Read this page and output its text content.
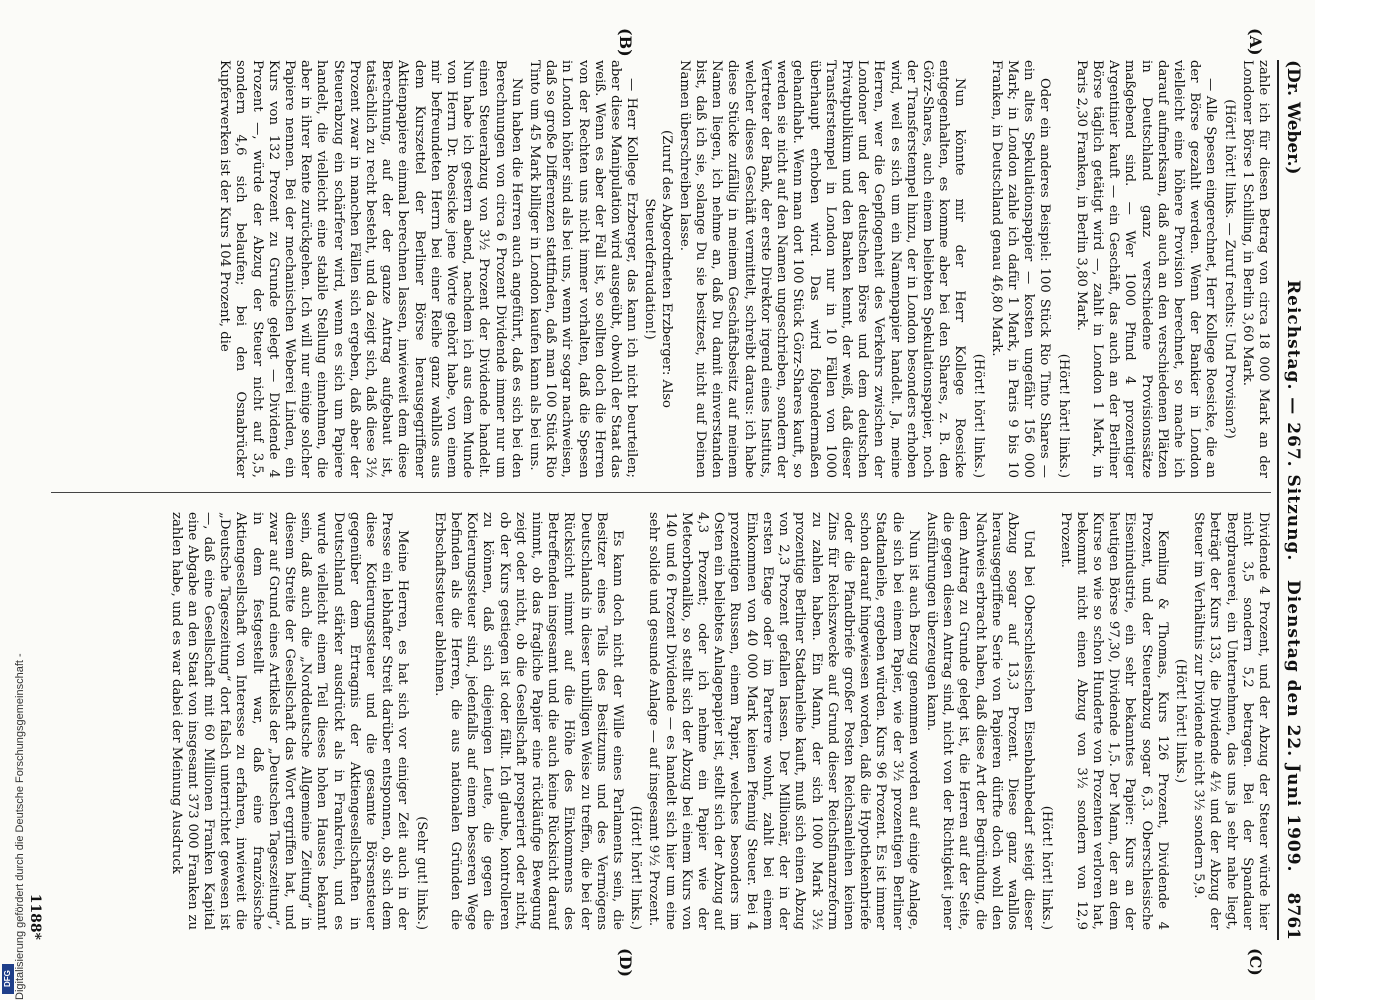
(Dr. Weber.)
Reichstag. — 267. Sitzung.
Dienstag den 22. Juni 1909.
8761
(A)
(B)
(C)
(D)

zahle ich für diesen Betrag von circa 18 000 Mark an der Londoner Börse 1 Schilling, in Berlin 3,60 Mark.

(Hört! hört! links. — Zuruf rechts: Und Provision?)

— Alle Spesen eingerechnet, Herr Kollege Roesicke, die an der Börse gezahlt werden. Wenn der Bankier in London vielleicht eine höhere Provision berechnet, so mache ich darauf aufmerksam, daß auch an den verschiedenen Plätzen in Deutschland ganz verschiedene Provisionssätze maßgebend sind. — Wer 1000 Pfund 4 prozentiger Argentinier kauft — ein Geschäft, das auch an der Berliner Börse täglich getätigt wird —, zahlt in London 1 Mark, in Paris 2,30 Franken, in Berlin 3,80 Mark.

(Hört! hört! links.)

Oder ein anderes Beispiel: 100 Stück Rio Tinto Shares — ein altes Spekulationspapier — kosten ungefähr 156 000 Mark; in London zahle ich dafür 1 Mark, in Paris 9 bis 10 Franken, in Deutschland genau 46,80 Mark.

(Hört! hört! links.)

Nun könnte mir der Herr Kollege Roesicke entgegenhalten, es komme aber bei den Shares, z. B. den Görz-Shares, auch einem beliebten Spekulationspapier, noch der Transferstempel hinzu, der in London besonders erhoben wird, weil es sich um ein Namenpapier handelt. Ja, meine Herren, wer die Gepflogenheit des Verkehrs zwischen der Londoner und der deutschen Börse und dem deutschen Privatpublikum und den Banken kennt, der weiß, daß dieser Transferstempel in London nur in 10 Fällen von 1000 überhaupt erhoben wird. Das wird folgendermaßen gehandhabt. Wenn man dort 100 Stück Görz-Shares kauft, so werden sie nicht auf den Namen ungeschrieben, sondern der Vertreter der Bank, der erste Direktor irgend eines Instituts, welcher dieses Geschäft vermittelt, schreibt daraus: ich habe diese Stücke zufällig in meinem Geschäftsbesitz auf meinem Namen liegen, ich nehme an, daß Du damit einverstanden bist, daß ich sie, solange Du sie besitzest, nicht auf Deinen Namen überschreiben lasse.

(Zuruf des Abgeordneten Erzberger: Also Steuerdefraudation!)

— Herr Kollege Erzberger, das kann ich nicht beurteilen; aber diese Manipulation wird ausgeübt, obwohl der Staat das weiß. Wenn es aber der Fall ist, so sollten doch die Herren von der Rechten uns nicht immer vorhalten, daß die Spesen in London höher sind als bei uns, wenn wir sogar nachweisen, daß so große Differenzen stattfinden, daß man 100 Stück Rio Tinto um 45 Mark billiger in London kaufen kann als bei uns.

Nun haben die Herren auch angeführt, daß es sich bei den Berechnungen von circa 6 Prozent Dividende immer nur um einen Steuerabzug von 3½ Prozent der Dividende handelt. Nun habe ich gestern abend, nachdem ich aus dem Munde von Herrn Dr. Roesicke jene Worte gehört habe, von einem mir befreundeten Herrn bei einer Reihe ganz wahllos aus dem Kurszettel der Berliner Börse herausgegriffener Aktienpapiere einmal berechnen lassen, inwieweit dem diese Berechnung, auf der der ganze Antrag aufgebaut ist, tatsächlich zu recht besteht, und da zeigt sich, daß diese 3½ Prozent zwar in manchen Fällen sich ergeben, daß aber der Steuerabzug ein schärferer wird, wenn es sich um Papiere handelt, die vielleicht eine stabile Stellung einnehmen, die aber in ihrer Rente zurückgehen. Ich will nur einige solcher Papiere nennen. Bei der mechanischen Weberei Linden, ein Kurs von 132 Prozent zu Grunde gelegt — Dividende 4 Prozent —, würde der Abzug der Steuer nicht auf 3,5, sondern 4,6 sich belaufen; bei den Osnabrücker Kupferwerken ist der Kurs 104 Prozent, die

Dividende 4 Prozent, und der Abzug der Steuer würde hier nicht 3,5 sondern 5,2 betragen. Bei der Spandauer Bergbrauerei, ein Unternehmen, das uns ja sehr nahe liegt, beträgt der Kurs 133, die Dividende 4½ und der Abzug der Steuer im Verhältnis zur Dividende nicht 3½ sondern 5,9.

(Hört! hört! links.)

Kemling & Thomas, Kurs 126 Prozent, Dividende 4 Prozent, und der Steuerabzug sogar 6,3. Oberschlesische Eisenindustrie, ein sehr bekanntes Papier: Kurs an der heutigen Börse 97,30, Dividende 1,5. Der Mann, der an dem Kurse so wie so schon Hunderte von Prozenten verloren hat, bekommt nicht einen Abzug von 3½ sondern von 12,9 Prozent.

(Hört! hört! links.)

Und bei Oberschlesischen Eisenbahnbedarf steigt dieser Abzug sogar auf 13,3 Prozent. Diese ganz wahllos herausgegriffene Serie von Papieren dürfte doch wohl den Nachweis erbracht haben, daß diese Art der Begründung, die dem Antrag zu Grunde gelegt ist, die Herren auf der Seite, die gegen diesen Antrag sind, nicht von der Richtigkeit jener Ausführungen überzeugen kann.

Nun ist auch Bezug genommen worden auf einige Anlage, die sich bei einem Papier, wie der 3½ prozentigen Berliner Stadtanleihe, ergeben würden. Kurs 96 Prozent. Es ist immer schon darauf hingewiesen worden, daß die Hypothekenbriefe oder die Pfandbriefe großer Posten Reichsanleihen keinen Zins für Reichszwecke auf Grund dieser Reichsfinanzreform zu zahlen haben. Ein Mann, der sich 1000 Mark 3½ prozentige Berliner Stadtanleihe kauft, muß sich einen Abzug von 2,3 Prozent gefallen lassen. Der Millionär, der in der ersten Etage oder im Parterre wohnt, zahlt bei einem Einkommen von 40 000 Mark keinen Pfennig Steuer. Bei 4 prozentigen Russen, einem Papier, welches besonders im Osten ein beliebtes Anlagepapier ist, stellt sich der Abzug auf 4,3 Prozent; oder ich nehme ein Papier wie der Meteorbonaliko, so stellt sich der Abzug bei einem Kurs von 140 und 6 Prozent Dividende — es handelt sich hier um eine sehr solide und gesunde Anlage — auf insgesamt 9½ Prozent.

(Hört! hört! links.)

Es kann doch nicht der Wille eines Parlaments sein, die Besitzer eines Teils des Besitzums und des Vermögens Deutschlands in dieser unbilligen Weise zu treffen, die bei der Rücksicht nimmt auf die Höhe des Einkommens des Betreffenden insgesamt und die auch keine Rücksicht darauf nimmt, ob das fragliche Papier eine rückläufige Bewegung zeigt oder nicht, ob die Gesellschaft prosperiert oder nicht, ob der Kurs gestiegen ist oder fällt. Ich glaube, kontrolleren zu können, daß sich diejenigen Leute, die gegen die Kotierungssteuer sind, jedenfalls auf einem besseren Wege befinden als die Herren, die aus nationalen Gründen die Erbschaftssteuer ablehnen.

(Sehr gut! links.)

Meine Herren, es hat sich vor einiger Zeit auch in der Presse ein lebhafter Streit darüber entsponnen, ob sich dem diese Kotierungssteuer und die gesamte Börsensteuer gegenüber dem Ertragnis der Aktiengesellschaften in Deutschland stärker ausdrückt als in Frankreich, und es wurde vielleicht einem Teil dieses hohen Hauses bekannt sein, daß auch die „Norddeutsche Allgemeine Zeitung“ in diesem Streite der Gesellschaft das Wort ergriffen hat, und zwar auf Grund eines Artikels der „Deutschen Tageszeitung“, in dem festgestellt war, daß eine französische Aktiengesellschaft von Interesse zu erfahren, inwieweit die „Deutsche Tageszeitung“ dort falsch unterrichtet gewesen ist —, daß eine Gesellschaft mit 60 Millionen Franken Kapital eine Abgabe an den Staat von insgesamt 373 000 Franken zu zahlen habe, und es war dabei der Meinung Ausdruck

1188*
Digitalisierung gefördert durch die Deutsche Forschungsgemeinschaft -
DFG
